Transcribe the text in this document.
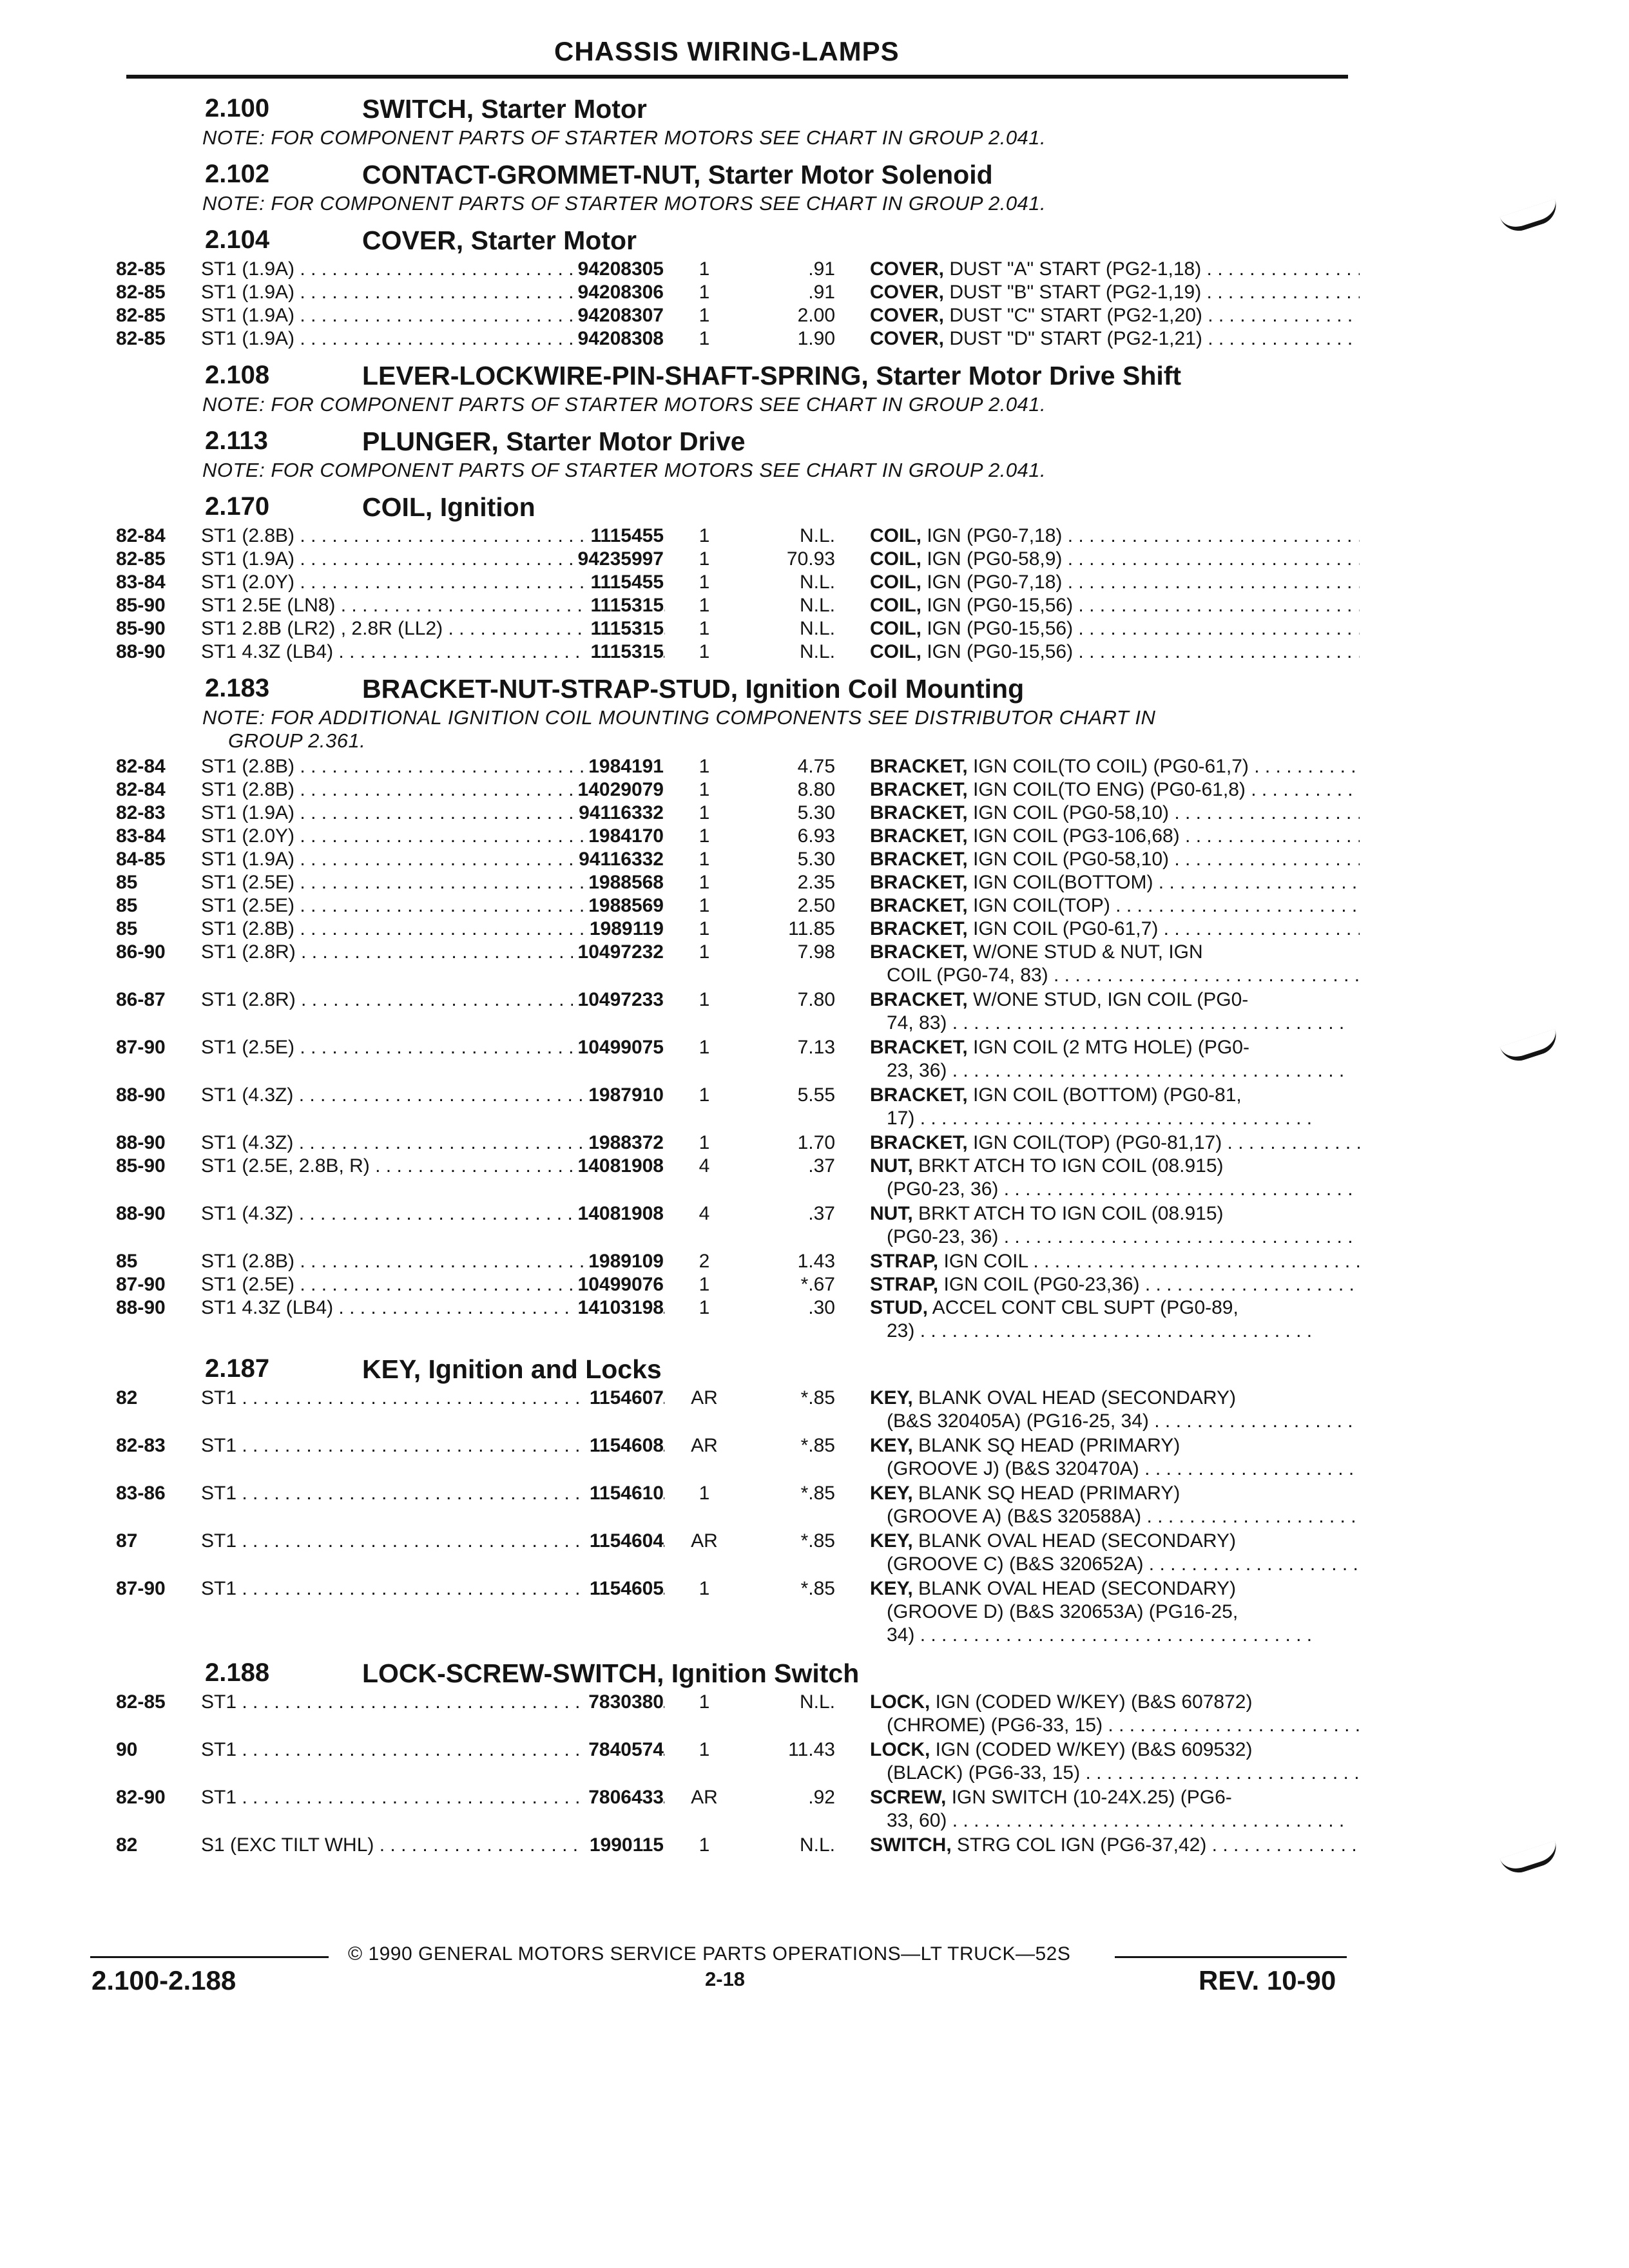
CHASSIS WIRING-LAMPS
2.100	SWITCH, Starter Motor
NOTE: FOR COMPONENT PARTS OF STARTER MOTORS SEE CHART IN GROUP 2.041.
2.102	CONTACT-GROMMET-NUT, Starter Motor Solenoid
NOTE: FOR COMPONENT PARTS OF STARTER MOTORS SEE CHART IN GROUP 2.041.
2.104	COVER, Starter Motor
82-85 ST1 (1.9A) . . .	94208305	1	.91 COVER, DUST "A" START (PG2-1,18) . . .
82-85 ST1 (1.9A) . . .	94208306	1	.91 COVER, DUST "B" START (PG2-1,19) . . .
82-85 ST1 (1.9A) . . .	94208307	1	2.00 COVER, DUST "C" START (PG2-1,20) . . .
82-85 ST1 (1.9A) . . .	94208308	1	1.90 COVER, DUST "D" START (PG2-1,21) . . .
2.108	LEVER-LOCKWIRE-PIN-SHAFT-SPRING, Starter Motor Drive Shift
NOTE: FOR COMPONENT PARTS OF STARTER MOTORS SEE CHART IN GROUP 2.041.
2.113	PLUNGER, Starter Motor Drive
NOTE: FOR COMPONENT PARTS OF STARTER MOTORS SEE CHART IN GROUP 2.041.
2.170	COIL, Ignition
82-84 ST1 (2.8B) . . .	1115455	1	N.L. COIL, IGN (PG0-7,18) . . .
82-85 ST1 (1.9A) . . .	94235997	1	70.93 COIL, IGN (PG0-58,9) . . .
83-84 ST1 (2.0Y) . . .	1115455	1	N.L. COIL, IGN (PG0-7,18) . . .
85-90 ST1 2.5E (LN8) . . .	1115315	1	N.L. COIL, IGN (PG0-15,56) . . .
85-90 ST1 2.8B (LR2) , 2.8R (LL2) . . .	1115315	1	N.L. COIL, IGN (PG0-15,56) . . .
88-90 ST1 4.3Z (LB4) . . .	1115315	1	N.L. COIL, IGN (PG0-15,56) . . .
2.183	BRACKET-NUT-STRAP-STUD, Ignition Coil Mounting
NOTE: FOR ADDITIONAL IGNITION COIL MOUNTING COMPONENTS SEE DISTRIBUTOR CHART IN
GROUP 2.361.
82-84 ST1 (2.8B) . . .	1984191	1	4.75 BRACKET, IGN COIL(TO COIL) (PG0-61,7) . . .
82-84 ST1 (2.8B) . . .	14029079	1	8.80 BRACKET, IGN COIL(TO ENG) (PG0-61,8) . . .
82-83 ST1 (1.9A) . . .	94116332	1	5.30 BRACKET, IGN COIL (PG0-58,10) . . .
83-84 ST1 (2.0Y) . . .	1984170	1	6.93 BRACKET, IGN COIL (PG3-106,68) . . .
84-85 ST1 (1.9A) . . .	94116332	1	5.30 BRACKET, IGN COIL (PG0-58,10) . . .
85	ST1 (2.5E) . . .	1988568	1	2.35 BRACKET, IGN COIL(BOTTOM) . . .
85	ST1 (2.5E) . . .	1988569	1	2.50 BRACKET, IGN COIL(TOP) . . .
85	ST1 (2.8B) . . .	1989119	1	11.85 BRACKET, IGN COIL (PG0-61,7) . . .
86-90 ST1 (2.8R) . . .	10497232	1	7.98 BRACKET, W/ONE STUD & NUT, IGN
COIL (PG0-74, 83) . . .
86-87 ST1 (2.8R) . . .	10497233	1	7.80 BRACKET, W/ONE STUD, IGN COIL (PG0-
74, 83) . . .
87-90 ST1 (2.5E) . . .	10499075	1	7.13 BRACKET, IGN COIL (2 MTG HOLE) (PG0-
23, 36) . . .
88-90 ST1 (4.3Z) . . .	1987910	1	5.55 BRACKET, IGN COIL (BOTTOM) (PG0-81,
17) . . .
88-90 ST1 (4.3Z) . . .	1988372	1	1.70 BRACKET, IGN COIL(TOP) (PG0-81,17) . . .
85-90 ST1 (2.5E, 2.8B, R) . . .	14081908	4	.37 NUT, BRKT ATCH TO IGN COIL (08.915)
(PG0-23, 36) . . .
88-90 ST1 (4.3Z) . . .	14081908	4	.37 NUT, BRKT ATCH TO IGN COIL (08.915)
(PG0-23, 36) . . .
85	ST1 (2.8B) . . .	1989109	2	1.43 STRAP, IGN COIL . . .
87-90 ST1 (2.5E) . . .	10499076	1	*.67 STRAP, IGN COIL (PG0-23,36) . . .
88-90 ST1 4.3Z (LB4) . . .	14103198	1	.30 STUD, ACCEL CONT CBL SUPT (PG0-89,
23) . . .
2.187	KEY, Ignition and Locks
82	ST1 . . .	1154607	AR	*.85 KEY, BLANK OVAL HEAD (SECONDARY)
(B&S 320405A) (PG16-25, 34) . . .
82-83 ST1 . . .	1154608	AR	*.85 KEY, BLANK SQ HEAD (PRIMARY)
(GROOVE J) (B&S 320470A) . . .
83-86 ST1 . . .	1154610	1	*.85 KEY, BLANK SQ HEAD (PRIMARY)
(GROOVE A) (B&S 320588A) . . .
87	ST1 . . .	1154604	AR	*.85 KEY, BLANK OVAL HEAD (SECONDARY)
(GROOVE C) (B&S 320652A) . . .
87-90 ST1 . . .	1154605	1	*.85 KEY, BLANK OVAL HEAD (SECONDARY)
(GROOVE D) (B&S 320653A) (PG16-25,
34) . . .
2.188	LOCK-SCREW-SWITCH, Ignition Switch
82-85 ST1 . . .	7830380	1	N.L. LOCK, IGN (CODED W/KEY) (B&S 607872)
(CHROME) (PG6-33, 15) . . .
90	ST1 . . .	7840574	1	11.43 LOCK, IGN (CODED W/KEY) (B&S 609532)
(BLACK) (PG6-33, 15) . . .
82-90 ST1 . . .	7806433	AR	.92 SCREW, IGN SWITCH (10-24X.25) (PG6-
33, 60) . . .
82	S1 (EXC TILT WHL) . . .	1990115	1	N.L. SWITCH, STRG COL IGN (PG6-37,42) . . .
© 1990 GENERAL MOTORS SERVICE PARTS OPERATIONS—LT TRUCK—52S
2.100-2.188	2-18	REV. 10-90
